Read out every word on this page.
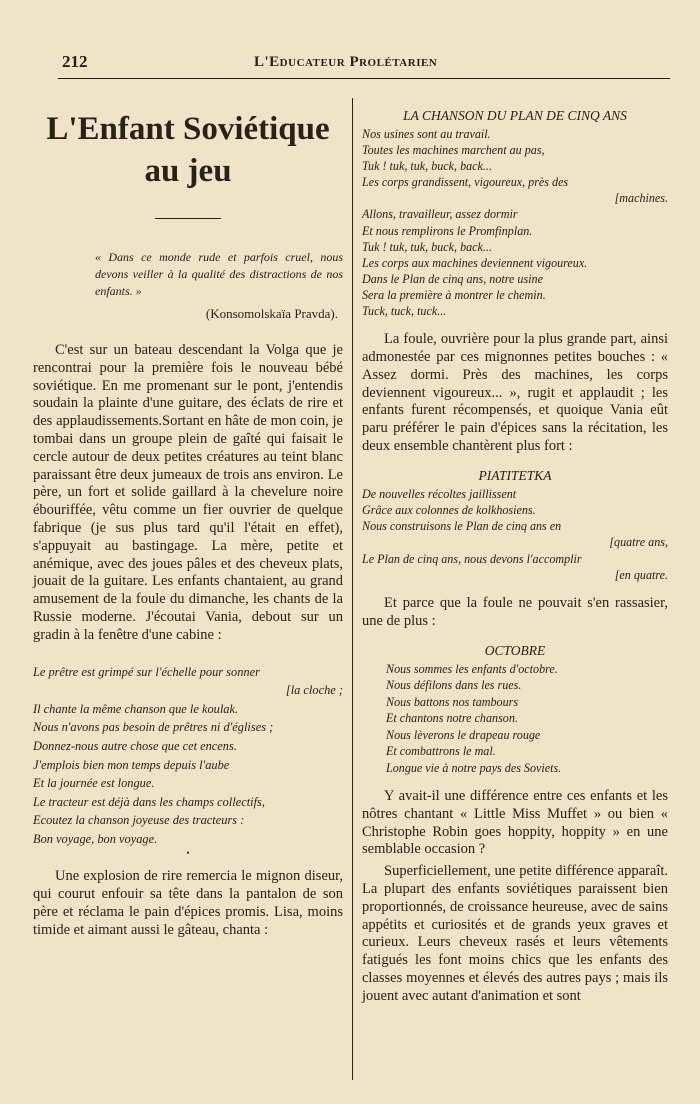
212	L'Educateur Prolétarien
L'Enfant Soviétique
au jeu
« Dans ce monde rude et parfois cruel, nous devons veiller à la qualité des distractions de nos enfants. »
(Konsomolskaïa Pravda).

C'est sur un bateau descendant la Volga que je rencontrai pour la première fois le nouveau bébé soviétique. En me promenant sur le pont, j'entendis soudain la plainte d'une guitare, des éclats de rire et des applaudissements.Sortant en hâte de mon coin, je tombai dans un groupe plein de gaîté qui faisait le cercle autour de deux petites créatures au teint blanc paraissant être deux jumeaux de trois ans environ. Le père, un fort et solide gaillard à la chevelure noire ébouriffée, vêtu comme un fier ouvrier de quelque fabrique (je sus plus tard qu'il l'était en effet), s'appuyait au bastingage. La mère, petite et anémique, avec des joues pâles et des cheveux plats, jouait de la guitare. Les enfants chantaient, au grand amusement de la foule du dimanche, les chants de la Russie moderne. J'écoutai Vania, debout sur un gradin à la fenêtre d'une cabine :

Le prêtre est grimpé sur l'échelle pour sonner
[la cloche ;
Il chante la même chanson que le koulak.
Nous n'avons pas besoin de prêtres ni d'églises ;
Donnez-nous autre chose que cet encens.
J'emplois bien mon temps depuis l'aube
Et la journée est longue.
Le tracteur est déjà dans les champs collectifs,
Ecoutez la chanson joyeuse des tracteurs :
Bon voyage, bon voyage.
•

Une explosion de rire remercia le mignon diseur, qui courut enfouir sa tête dans la pantalon de son père et réclama le pain d'épices promis. Lisa, moins timide et aimant aussi le gâteau, chanta :

LA CHANSON DU PLAN DE CINQ ANS
Nos usines sont au travail.
Toutes les machines marchent au pas,
Tuk ! tuk, tuk, buck, back...
Les corps grandissent, vigoureux, près des
[machines.
Allons, travailleur, assez dormir
Et nous remplirons le Promfinplan.
Tuk ! tuk, tuk, buck, back...
Les corps aux machines deviennent vigoureux.
Dans le Plan de cinq ans, notre usine
Sera la première à montrer le chemin.
Tuck, tuck, tuck...

La foule, ouvrière pour la plus grande part, ainsi admonestée par ces mignonnes petites bouches : « Assez dormi. Près des machines, les corps deviennent vigoureux... », rugit et applaudit ; les enfants furent récompensés, et quoique Vania eût paru préférer le pain d'épices sans la récitation, les deux ensemble chantèrent plus fort :

PIATITETKA
De nouvelles récoltes jaillissent
Grâce aux colonnes de kolkhosiens.
Nous construisons le Plan de cinq ans en
[quatre ans,
Le Plan de cinq ans, nous devons l'accomplir
[en quatre.

Et parce que la foule ne pouvait s'en rassasier, une de plus :

OCTOBRE
Nous sommes les enfants d'octobre.
Nous défilons dans les rues.
Nous battons nos tambours
Et chantons notre chanson.
Nous lèverons le drapeau rouge
Et combattrons le mal.
Longue vie à notre pays des Soviets.

Y avait-il une différence entre ces enfants et les nôtres chantant « Little Miss Muffet » ou bien « Christophe Robin goes hoppity, hoppity » en une semblable occasion ?

Superficiellement, une petite différence apparaît. La plupart des enfants soviétiques paraissent bien proportionnés, de croissance heureuse, avec de sains appétits et curiosités et de grands yeux graves et curieux. Leurs cheveux rasés et leurs vêtements fatigués les font moins chics que les enfants des classes moyennes et élevés des autres pays ; mais ils jouent avec autant d'animation et sont
